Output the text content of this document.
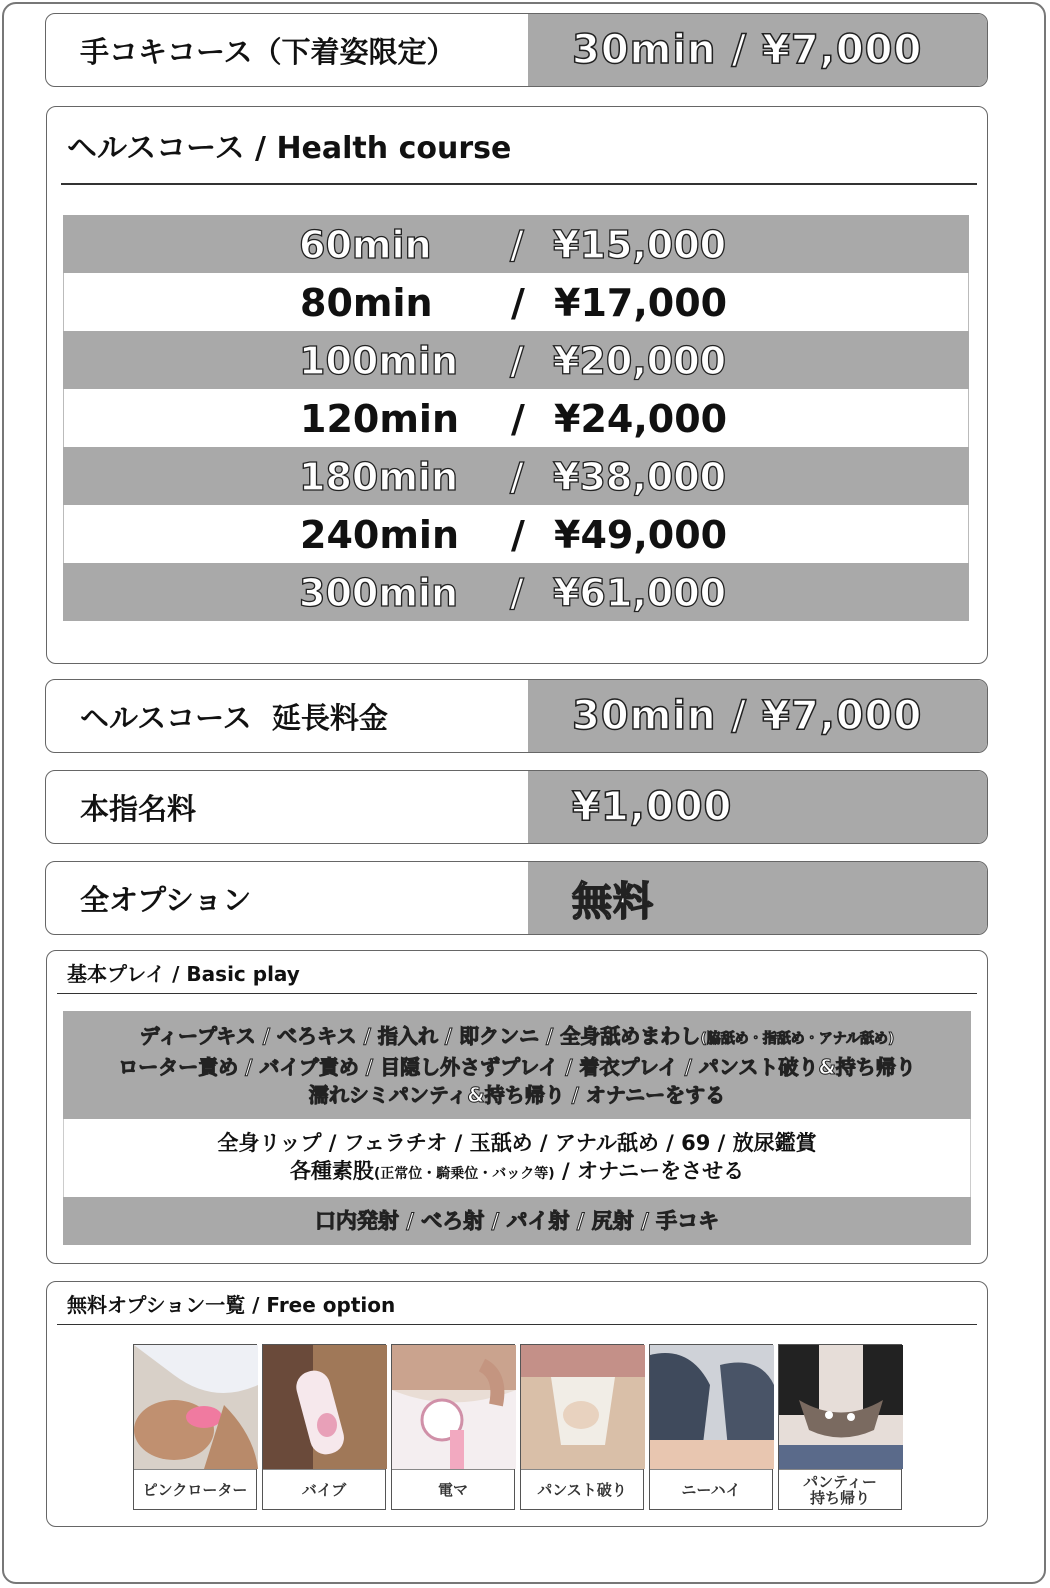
手コキコース（下着姿限定）	30min / ¥7,000
ヘルスコース / Health course
60min / ¥15,000
80min / ¥17,000
100min / ¥20,000
120min / ¥24,000
180min / ¥38,000
240min / ¥49,000
300min / ¥61,000
ヘルスコース  延長料金	30min / ¥7,000
本指名料	¥1,000
全オプション	無料
基本プレイ / Basic play
ディープキス / べろキス / 指入れ / 即クンニ / 全身舐めまわし(脇舐め・指舐め・アナル舐め)
ローター責め / バイブ責め / 目隠し外さずプレイ / 着衣プレイ / パンスト破り&持ち帰り
濡れシミパンティ&持ち帰り / オナニーをする
全身リップ / フェラチオ / 玉舐め / アナル舐め / 69 / 放尿鑑賞
各種素股(正常位・騎乗位・バック等) / オナニーをさせる
口内発射 / べろ射 / パイ射 / 尻射 / 手コキ
無料オプション一覧 / Free option
ピンクローター	バイブ	電マ	パンスト破り	ニーハイ	パンティー
持ち帰り
